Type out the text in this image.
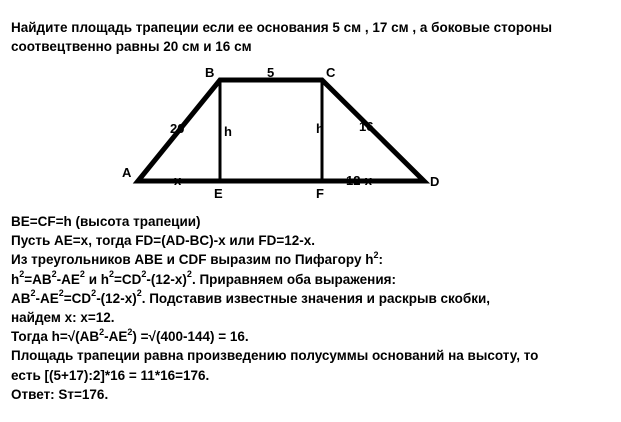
Найдите площадь трапеции если ее основания 5 см , 17 см , а боковые стороны

соотвецтвенно равны 20 см и 16 см

A
B	C
D
E	F
5
20	16
h	h
x	12-x

BE=CF=h (высота трапеции)

Пусть AE=x, тогда FD=(AD-BC)-x или FD=12-x.

Из треугольников ABE и CDF выразим по Пифагору $h^2$:

$h^2=AB^2-AE^2$ и $h^2=CD^2-(12-x)^2$. Приравняем оба выражения:

$AB^2-AE^2=CD^2-(12-x)^2$. Подставив известные значения и раскрыв скобки,

найдем х: х=12.

Тогда $h=√(AB^2-AE^2) =√(400-144) = 16$.

Площадь трапеции равна произведению полусуммы оснований на высоту, то

есть [(5+17):2]*16 = 11*16=176.

Ответ: Sт=176.
